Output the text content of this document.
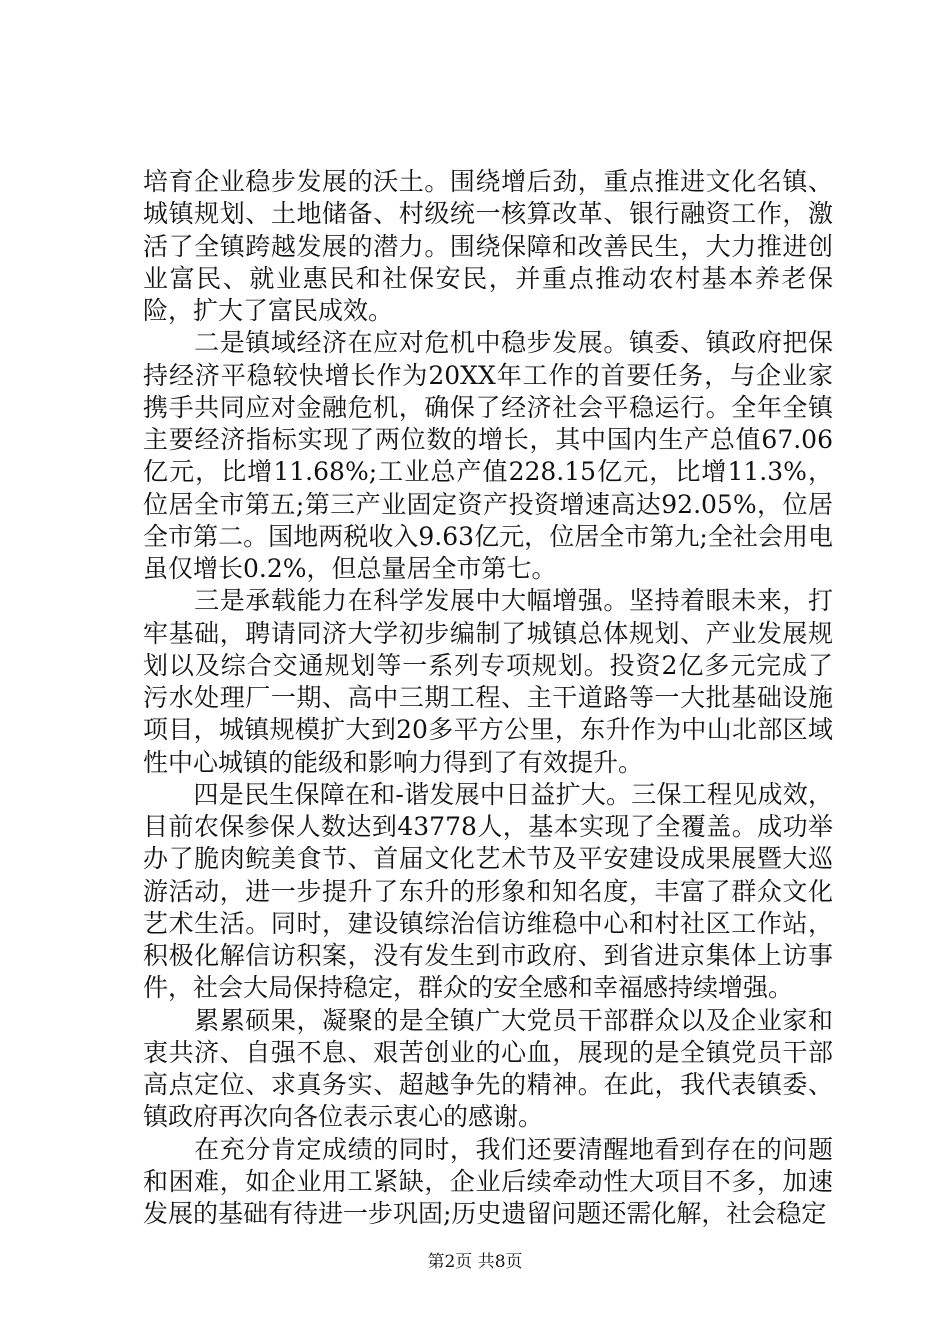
培育企业稳步发展的沃土。围绕增后劲，重点推进文化名镇、城镇规划、土地储备、村级统一核算改革、银行融资工作，激活了全镇跨越发展的潜力。围绕保障和改善民生，大力推进创业富民、就业惠民和社保安民，并重点推动农村基本养老保险，扩大了富民成效。

　　二是镇域经济在应对危机中稳步发展。镇委、镇政府把保持经济平稳较快增长作为20XX年工作的首要任务，与企业家携手共同应对金融危机，确保了经济社会平稳运行。全年全镇主要经济指标实现了两位数的增长，其中国内生产总值67.06亿元，比增11.68%;工业总产值228.15亿元，比增11.3%，位居全市第五;第三产业固定资产投资增速高达92.05%，位居全市第二。国地两税收入9.63亿元，位居全市第九;全社会用电虽仅增长0.2%，但总量居全市第七。

　　三是承载能力在科学发展中大幅增强。坚持着眼未来，打牢基础，聘请同济大学初步编制了城镇总体规划、产业发展规划以及综合交通规划等一系列专项规划。投资2亿多元完成了污水处理厂一期、高中三期工程、主干道路等一大批基础设施项目，城镇规模扩大到20多平方公里，东升作为中山北部区域性中心城镇的能级和影响力得到了有效提升。

　　四是民生保障在和-谐发展中日益扩大。三保工程见成效，目前农保参保人数达到43778人，基本实现了全覆盖。成功举办了脆肉鲩美食节、首届文化艺术节及平安建设成果展暨大巡游活动，进一步提升了东升的形象和知名度，丰富了群众文化艺术生活。同时，建设镇综治信访维稳中心和村社区工作站，积极化解信访积案，没有发生到市政府、到省进京集体上访事件，社会大局保持稳定，群众的安全感和幸福感持续增强。

　　累累硕果，凝聚的是全镇广大党员干部群众以及企业家和衷共济、自强不息、艰苦创业的心血，展现的是全镇党员干部高点定位、求真务实、超越争先的精神。在此，我代表镇委、镇政府再次向各位表示衷心的感谢。

　　在充分肯定成绩的同时，我们还要清醒地看到存在的问题和困难，如企业用工紧缺，企业后续牵动性大项目不多，加速发展的基础有待进一步巩固;历史遗留问题还需化解，社会稳定

第2页 共8页
